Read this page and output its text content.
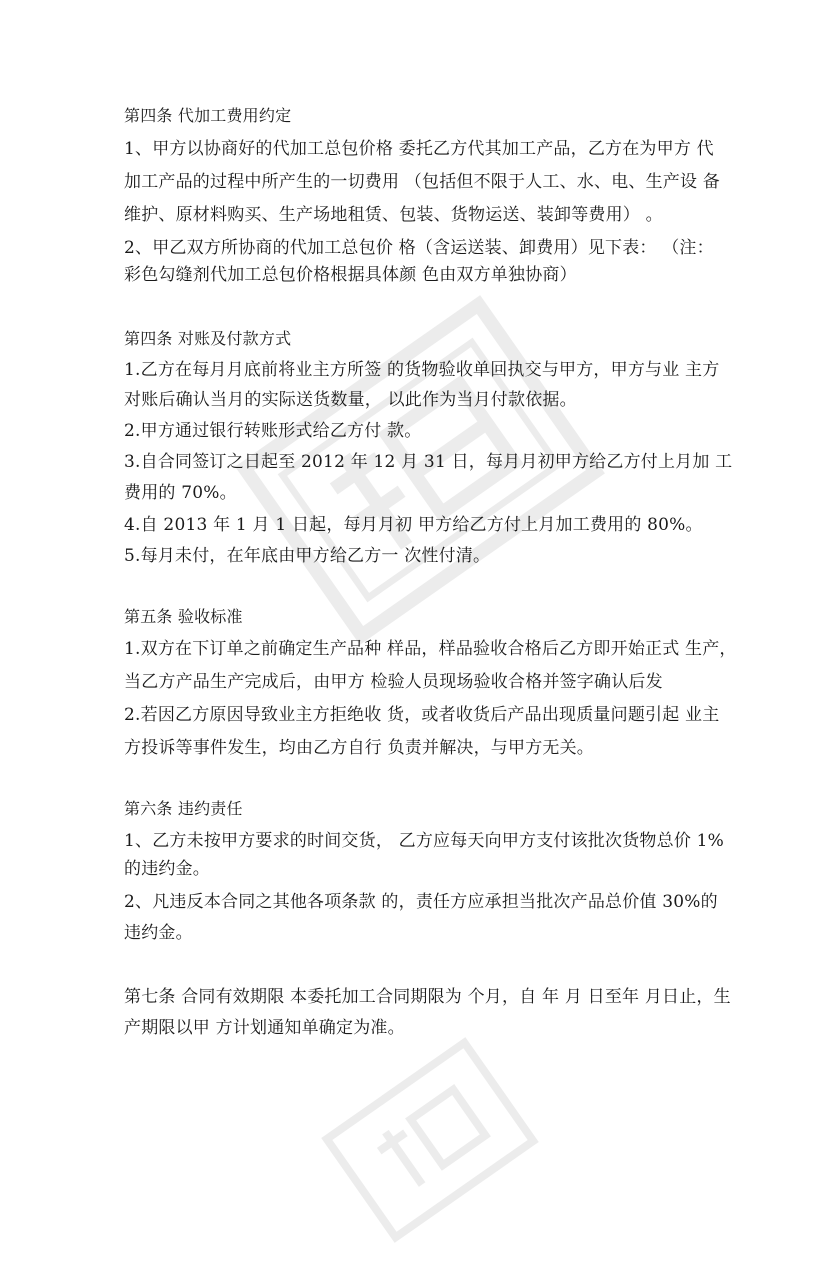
第四条 代加工费用约定
1、甲方以协商好的代加工总包价格 委托乙方代其加工产品，乙方在为甲方 代
加工产品的过程中所产生的一切费用 （包括但不限于人工、水、电、生产设 备
维护、原材料购买、生产场地租赁、包装、货物运送、装卸等费用） 。
2、甲乙双方所协商的代加工总包价 格（含运送装、卸费用）见下表： （注：
彩色勾缝剂代加工总包价格根据具体颜 色由双方单独协商）
第四条 对账及付款方式
1.乙方在每月月底前将业主方所签 的货物验收单回执交与甲方，甲方与业 主方
对账后确认当月的实际送货数量， 以此作为当月付款依据。
2.甲方通过银行转账形式给乙方付 款。
3.自合同签订之日起至 2012 年 12 月 31 日，每月月初甲方给乙方付上月加 工
费用的 70%。
4.自 2013 年 1 月 1 日起，每月月初 甲方给乙方付上月加工费用的 80%。
5.每月未付，在年底由甲方给乙方一 次性付清。
第五条 验收标准
1.双方在下订单之前确定生产品种 样品，样品验收合格后乙方即开始正式 生产，
当乙方产品生产完成后，由甲方 检验人员现场验收合格并签字确认后发
2.若因乙方原因导致业主方拒绝收 货，或者收货后产品出现质量问题引起 业主
方投诉等事件发生，均由乙方自行 负责并解决，与甲方无关。
第六条 违约责任
1、乙方未按甲方要求的时间交货， 乙方应每天向甲方支付该批次货物总价 1%
的违约金。
2、凡违反本合同之其他各项条款 的，责任方应承担当批次产品总价值 30%的
违约金。
第七条 合同有效期限 本委托加工合同期限为 个月，自 年 月 日至年 月日止，生
产期限以甲 方计划通知单确定为准。
